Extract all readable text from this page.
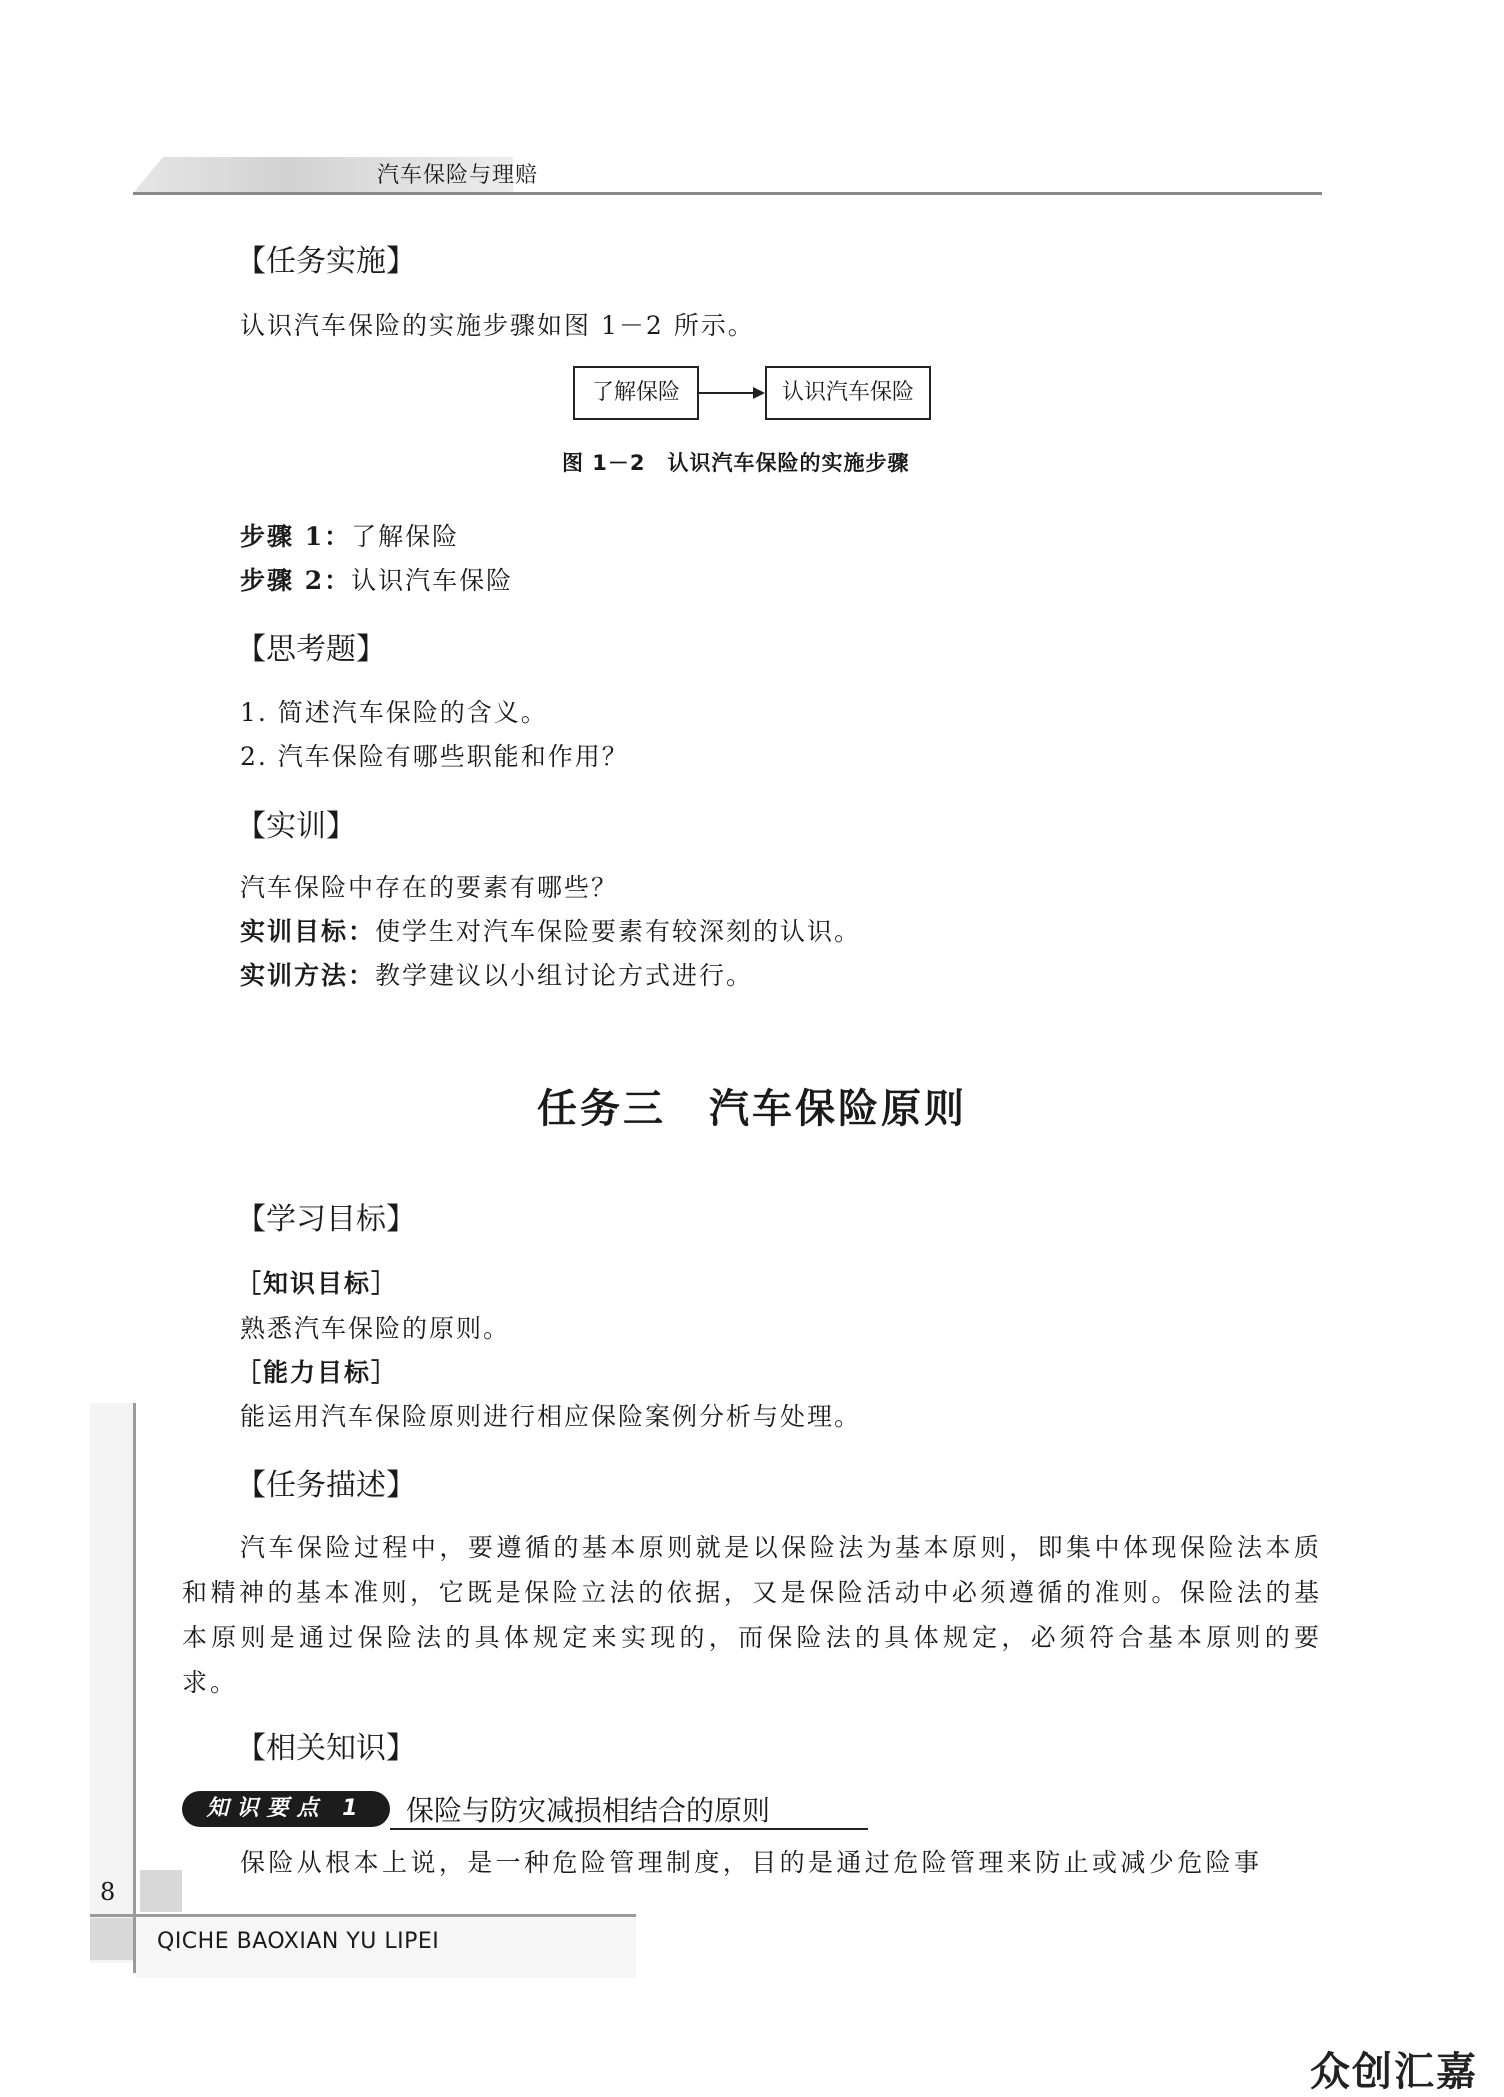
汽车保险与理赔
【任务实施】
认识汽车保险的实施步骤如图 1－2 所示。
了解保险	认识汽车保险
图 1－2　认识汽车保险的实施步骤
步骤 1：了解保险
步骤 2：认识汽车保险
【思考题】
1. 简述汽车保险的含义。
2. 汽车保险有哪些职能和作用？
【实训】
汽车保险中存在的要素有哪些？
实训目标：使学生对汽车保险要素有较深刻的认识。
实训方法：教学建议以小组讨论方式进行。
任务三　汽车保险原则
【学习目标】
［知识目标］
熟悉汽车保险的原则。
［能力目标］
能运用汽车保险原则进行相应保险案例分析与处理。
【任务描述】
汽车保险过程中，要遵循的基本原则就是以保险法为基本原则，即集中体现保险法本质和精神的基本准则，它既是保险立法的依据，又是保险活动中必须遵循的准则。保险法的基本原则是通过保险法的具体规定来实现的，而保险法的具体规定，必须符合基本原则的要求。
【相关知识】
知识要点 1	保险与防灾减损相结合的原则
保险从根本上说，是一种危险管理制度，目的是通过危险管理来防止或减少危险事
8
QICHE BAOXIAN YU LIPEI
众创汇嘉
